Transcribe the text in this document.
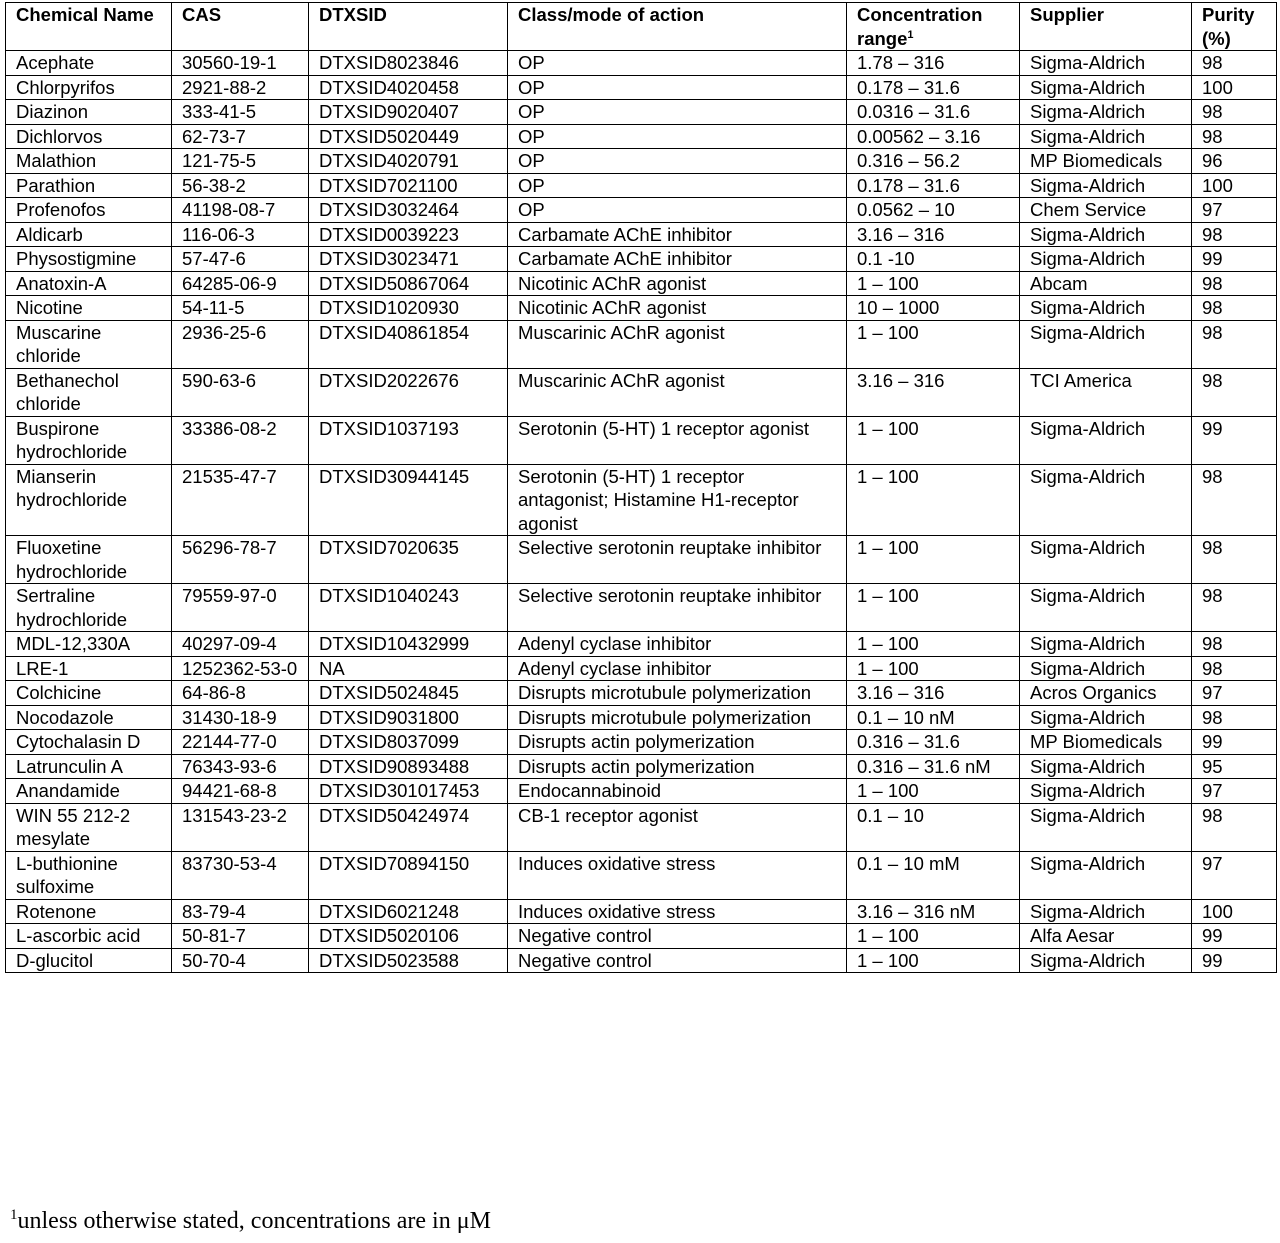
Chemical Name	CAS	DTXSID	Class/mode of action	Concentration range$^1$	Supplier	Purity (%)
Acephate	30560-19-1	DTXSID8023846	OP	1.78 – 316	Sigma-Aldrich	98
Chlorpyrifos	2921-88-2	DTXSID4020458	OP	0.178 – 31.6	Sigma-Aldrich	100
Diazinon	333-41-5	DTXSID9020407	OP	0.0316 – 31.6	Sigma-Aldrich	98
Dichlorvos	62-73-7	DTXSID5020449	OP	0.00562 – 3.16	Sigma-Aldrich	98
Malathion	121-75-5	DTXSID4020791	OP	0.316 – 56.2	MP Biomedicals	96
Parathion	56-38-2	DTXSID7021100	OP	0.178 – 31.6	Sigma-Aldrich	100
Profenofos	41198-08-7	DTXSID3032464	OP	0.0562 – 10	Chem Service	97
Aldicarb	116-06-3	DTXSID0039223	Carbamate AChE inhibitor	3.16 – 316	Sigma-Aldrich	98
Physostigmine	57-47-6	DTXSID3023471	Carbamate AChE inhibitor	0.1 -10	Sigma-Aldrich	99
Anatoxin-A	64285-06-9	DTXSID50867064	Nicotinic AChR agonist	1 – 100	Abcam	98
Nicotine	54-11-5	DTXSID1020930	Nicotinic AChR agonist	10 – 1000	Sigma-Aldrich	98
Muscarine chloride	2936-25-6	DTXSID40861854	Muscarinic AChR agonist	1 – 100	Sigma-Aldrich	98
Bethanechol chloride	590-63-6	DTXSID2022676	Muscarinic AChR agonist	3.16 – 316	TCI America	98
Buspirone hydrochloride	33386-08-2	DTXSID1037193	Serotonin (5-HT) 1 receptor agonist	1 – 100	Sigma-Aldrich	99
Mianserin hydrochloride	21535-47-7	DTXSID30944145	Serotonin (5-HT) 1 receptor antagonist; Histamine H1-receptor agonist	1 – 100	Sigma-Aldrich	98
Fluoxetine hydrochloride	56296-78-7	DTXSID7020635	Selective serotonin reuptake inhibitor	1 – 100	Sigma-Aldrich	98
Sertraline hydrochloride	79559-97-0	DTXSID1040243	Selective serotonin reuptake inhibitor	1 – 100	Sigma-Aldrich	98
MDL-12,330A	40297-09-4	DTXSID10432999	Adenyl cyclase inhibitor	1 – 100	Sigma-Aldrich	98
LRE-1	1252362-53-0	NA	Adenyl cyclase inhibitor	1 – 100	Sigma-Aldrich	98
Colchicine	64-86-8	DTXSID5024845	Disrupts microtubule polymerization	3.16 – 316	Acros Organics	97
Nocodazole	31430-18-9	DTXSID9031800	Disrupts microtubule polymerization	0.1 – 10 nM	Sigma-Aldrich	98
Cytochalasin D	22144-77-0	DTXSID8037099	Disrupts actin polymerization	0.316 – 31.6	MP Biomedicals	99
Latrunculin A	76343-93-6	DTXSID90893488	Disrupts actin polymerization	0.316 – 31.6 nM	Sigma-Aldrich	95
Anandamide	94421-68-8	DTXSID301017453	Endocannabinoid	1 – 100	Sigma-Aldrich	97
WIN 55 212-2 mesylate	131543-23-2	DTXSID50424974	CB-1 receptor agonist	0.1 – 10	Sigma-Aldrich	98
L-buthionine sulfoxime	83730-53-4	DTXSID70894150	Induces oxidative stress	0.1 – 10 mM	Sigma-Aldrich	97
Rotenone	83-79-4	DTXSID6021248	Induces oxidative stress	3.16 – 316 nM	Sigma-Aldrich	100
L-ascorbic acid	50-81-7	DTXSID5020106	Negative control	1 – 100	Alfa Aesar	99
D-glucitol	50-70-4	DTXSID5023588	Negative control	1 – 100	Sigma-Aldrich	99
$^1$unless otherwise stated, concentrations are in μM
